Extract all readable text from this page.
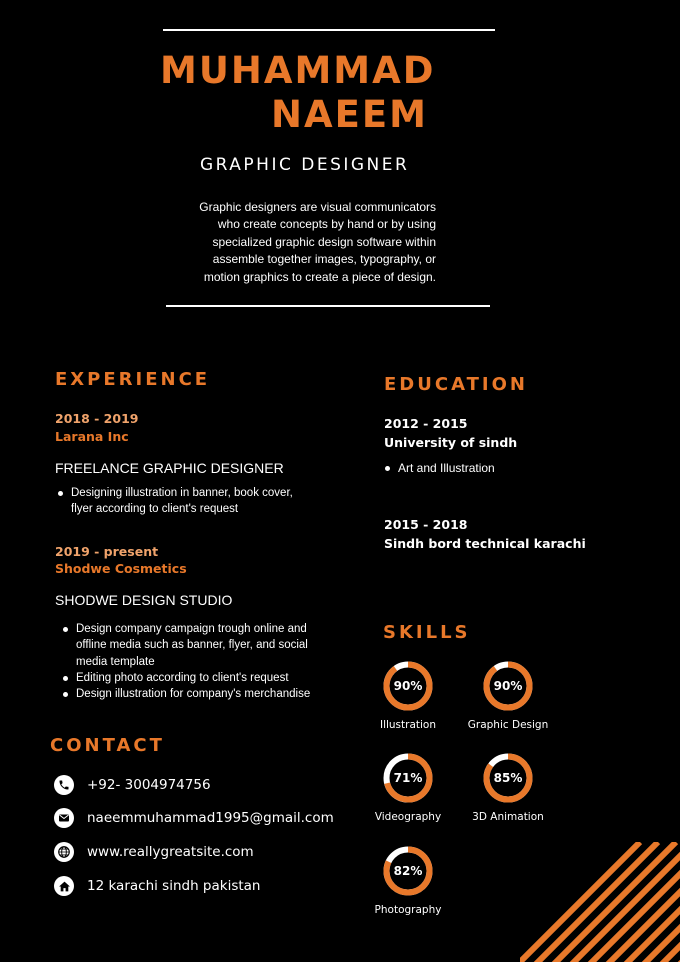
MUHAMMAD
NAEEM
GRAPHIC DESIGNER
Graphic designers are visual communicators who create concepts by hand or by using specialized graphic design software within assemble together images, typography, or motion graphics to create a piece of design.
EXPERIENCE
2018 - 2019
Larana Inc
FREELANCE GRAPHIC DESIGNER
Designing illustration in banner, book cover, flyer according to client's request
2019 - present
Shodwe Cosmetics
SHODWE DESIGN STUDIO
Design company campaign trough online and offline media such as banner, flyer, and social media template
Editing photo according to client's request
Design illustration for company's merchandise
EDUCATION
2012 - 2015
University of sindh
Art and Illustration
2015 - 2018
Sindh bord technical karachi
SKILLS
90%
Illustration
90%
Graphic Design
71%
Videography
85%
3D Animation
82%
Photography
CONTACT
+92- 3004974756
naeemmuhammad1995@gmail.com
www.reallygreatsite.com
12 karachi sindh pakistan
